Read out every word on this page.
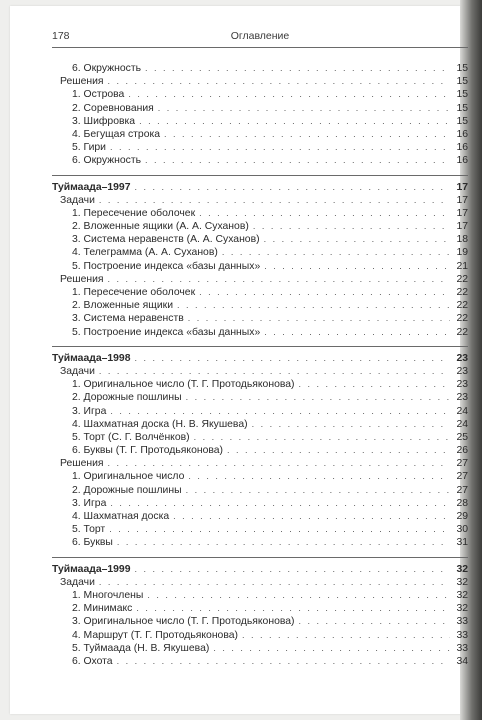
178	Оглавление
6. Окружность . . .	15
Решения . . .	15
1. Острова . . .	15
2. Соревнования . . .	15
3. Шифровка . . .	15
4. Бегущая строка . . .	16
5. Гири . . .	16
6. Окружность . . .	16
Туймаада–1997 . . .	17
Задачи . . .	17
1. Пересечение оболочек . . .	17
2. Вложенные ящики (А. А. Суханов) . . .	17
3. Система неравенств (А. А. Суханов) . . .	18
4. Телеграмма (А. А. Суханов) . . .	19
5. Построение индекса «базы данных» . . .	21
Решения . . .	22
1. Пересечение оболочек . . .	22
2. Вложенные ящики . . .	22
3. Система неравенств . . .	22
5. Построение индекса «базы данных» . . .	22
Туймаада–1998 . . .	23
Задачи . . .	23
1. Оригинальное число (Т. Г. Протодьяконова) . . .	23
2. Дорожные пошлины . . .	23
3. Игра . . .	24
4. Шахматная доска (Н. В. Якушева) . . .	24
5. Торт (С. Г. Волчёнков) . . .	25
6. Буквы (Т. Г. Протодьяконова) . . .	26
Решения . . .	27
1. Оригинальное число . . .	27
2. Дорожные пошлины . . .	27
3. Игра . . .	28
4. Шахматная доска . . .	29
5. Торт . . .	30
6. Буквы . . .	31
Туймаада–1999 . . .	32
Задачи . . .	32
1. Многочлены . . .	32
2. Минимакс . . .	32
3. Оригинальное число (Т. Г. Протодьяконова) . . .	33
4. Маршрут (Т. Г. Протодьяконова) . . .	33
5. Туймаада (Н. В. Якушева) . . .	33
6. Охота . . .	34
